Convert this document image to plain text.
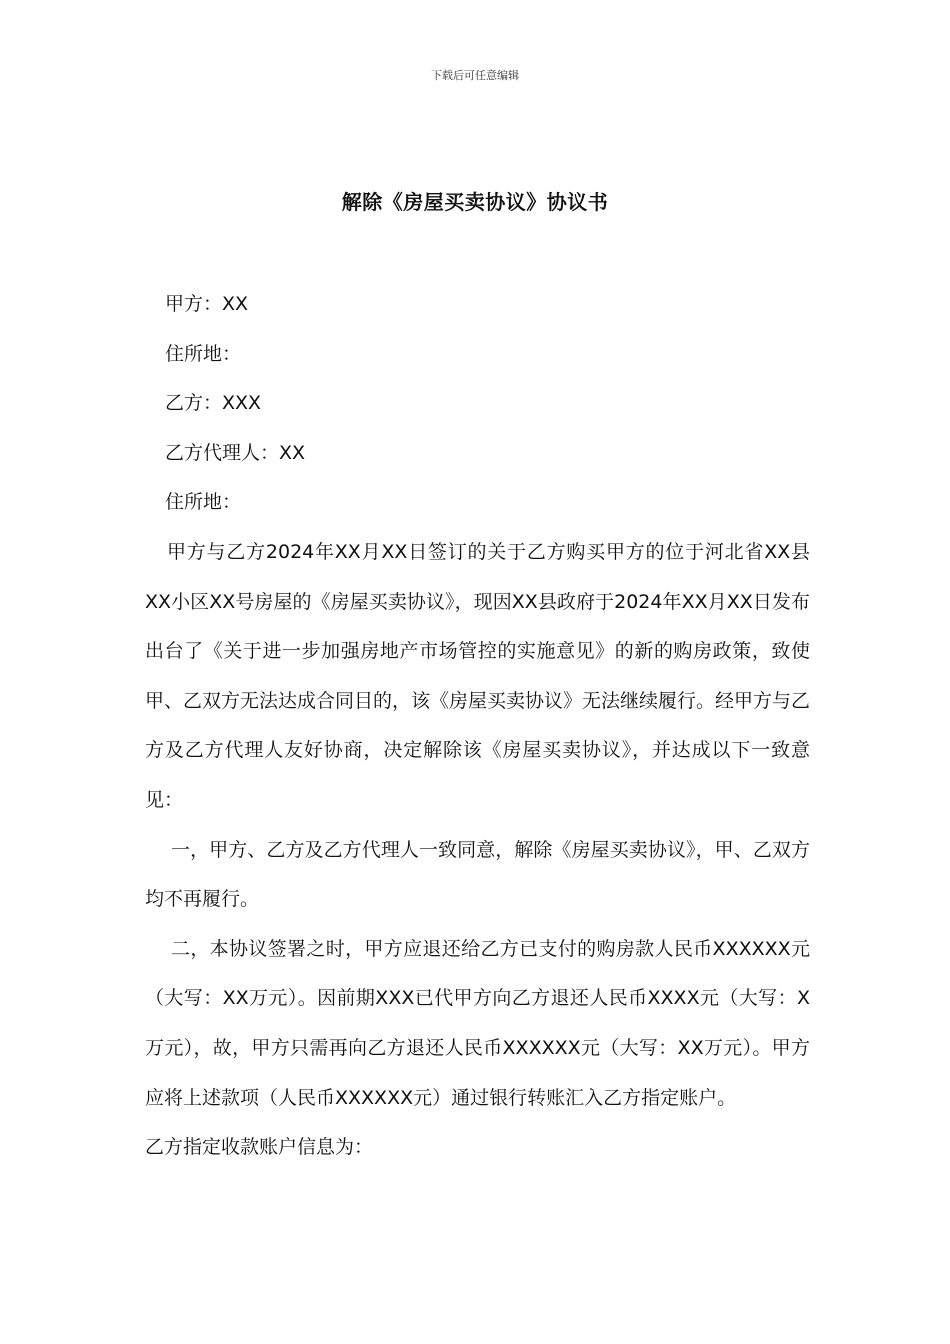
下载后可任意编辑
解除《房屋买卖协议》协议书

甲方：XX

住所地：

乙方：XXX

乙方代理人：XX

住所地：

甲方与乙方2024年XX月XX日签订的关于乙方购买甲方的位于河北省XX县XX小区XX号房屋的《房屋买卖协议》，现因XX县政府于2024年XX月XX日发布出台了《关于进一步加强房地产市场管控的实施意见》的新的购房政策，致使甲、乙双方无法达成合同目的，该《房屋买卖协议》无法继续履行。经甲方与乙方及乙方代理人友好协商，决定解除该《房屋买卖协议》，并达成以下一致意见：

一，甲方、乙方及乙方代理人一致同意，解除《房屋买卖协议》，甲、乙双方均不再履行。

二，本协议签署之时，甲方应退还给乙方已支付的购房款人民币XXXXXX元（大写：XX万元）。因前期XXX已代甲方向乙方退还人民币XXXX元（大写：X万元），故，甲方只需再向乙方退还人民币XXXXXX元（大写：XX万元）。甲方应将上述款项（人民币XXXXXX元）通过银行转账汇入乙方指定账户。

乙方指定收款账户信息为：
